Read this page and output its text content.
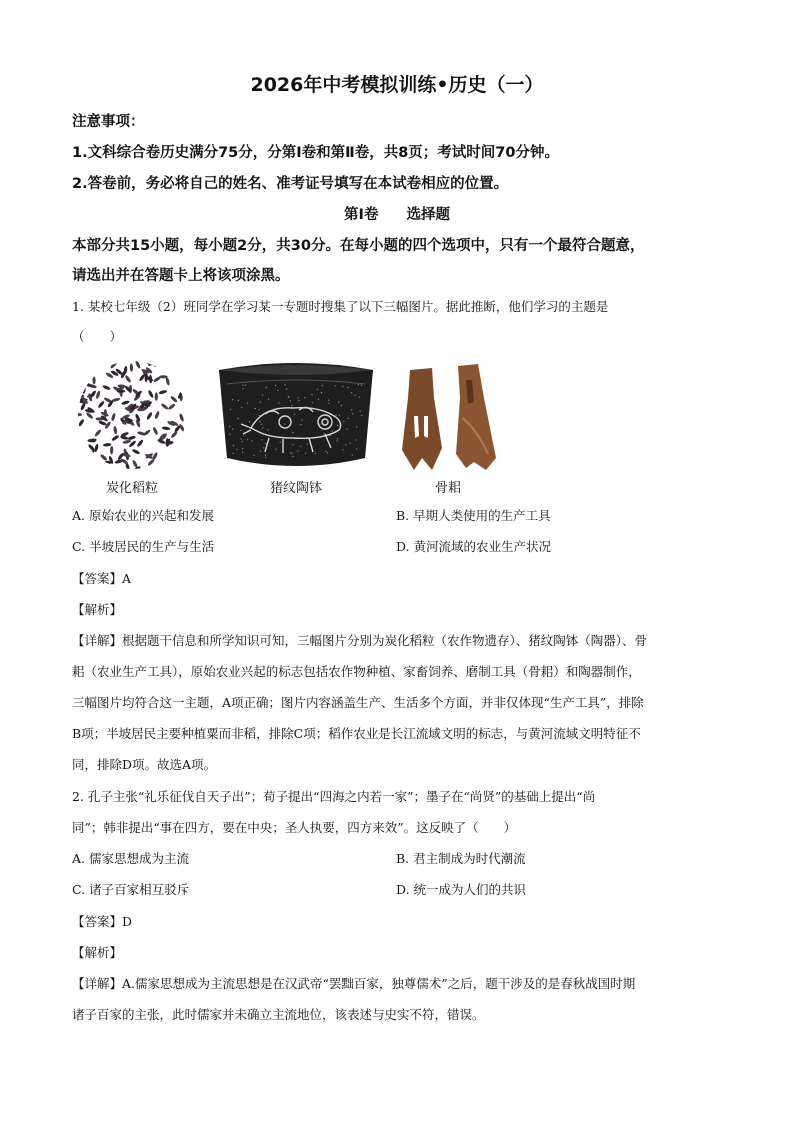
2026年中考模拟训练•历史（一）
注意事项：
1.文科综合卷历史满分75分，分第Ⅰ卷和第Ⅱ卷，共8页；考试时间70分钟。
2.答卷前，务必将自己的姓名、准考证号填写在本试卷相应的位置。
第Ⅰ卷 选择题
本部分共15小题，每小题2分，共30分。在每小题的四个选项中，只有一个最符合题意，
请选出并在答题卡上将该项涂黑。
1. 某校七年级（2）班同学在学习某一专题时搜集了以下三幅图片。据此推断，他们学习的主题是
（　　）
炭化稻粒	猪纹陶钵	骨耜
A. 原始农业的兴起和发展	B. 早期人类使用的生产工具
C. 半坡居民的生产与生活	D. 黄河流域的农业生产状况
【答案】A
【解析】
【详解】根据题干信息和所学知识可知，三幅图片分别为炭化稻粒（农作物遗存）、猪纹陶钵（陶器）、骨
耜（农业生产工具），原始农业兴起的标志包括农作物种植、家畜饲养、磨制工具（骨耜）和陶器制作，
三幅图片均符合这一主题，A项正确；图片内容涵盖生产、生活多个方面，并非仅体现“生产工具”，排除
B项；半坡居民主要种植粟而非稻，排除C项；稻作农业是长江流域文明的标志，与黄河流域文明特征不
同，排除D项。故选A项。
2. 孔子主张“礼乐征伐自天子出”；荀子提出“四海之内若一家”；墨子在“尚贤”的基础上提出“尚
同”；韩非提出“事在四方，要在中央；圣人执要，四方来效”。这反映了（　　）
A. 儒家思想成为主流	B. 君主制成为时代潮流
C. 诸子百家相互驳斥	D. 统一成为人们的共识
【答案】D
【解析】
【详解】A.儒家思想成为主流思想是在汉武帝“罢黜百家，独尊儒术”之后，题干涉及的是春秋战国时期
诸子百家的主张，此时儒家并未确立主流地位，该表述与史实不符，错误。
